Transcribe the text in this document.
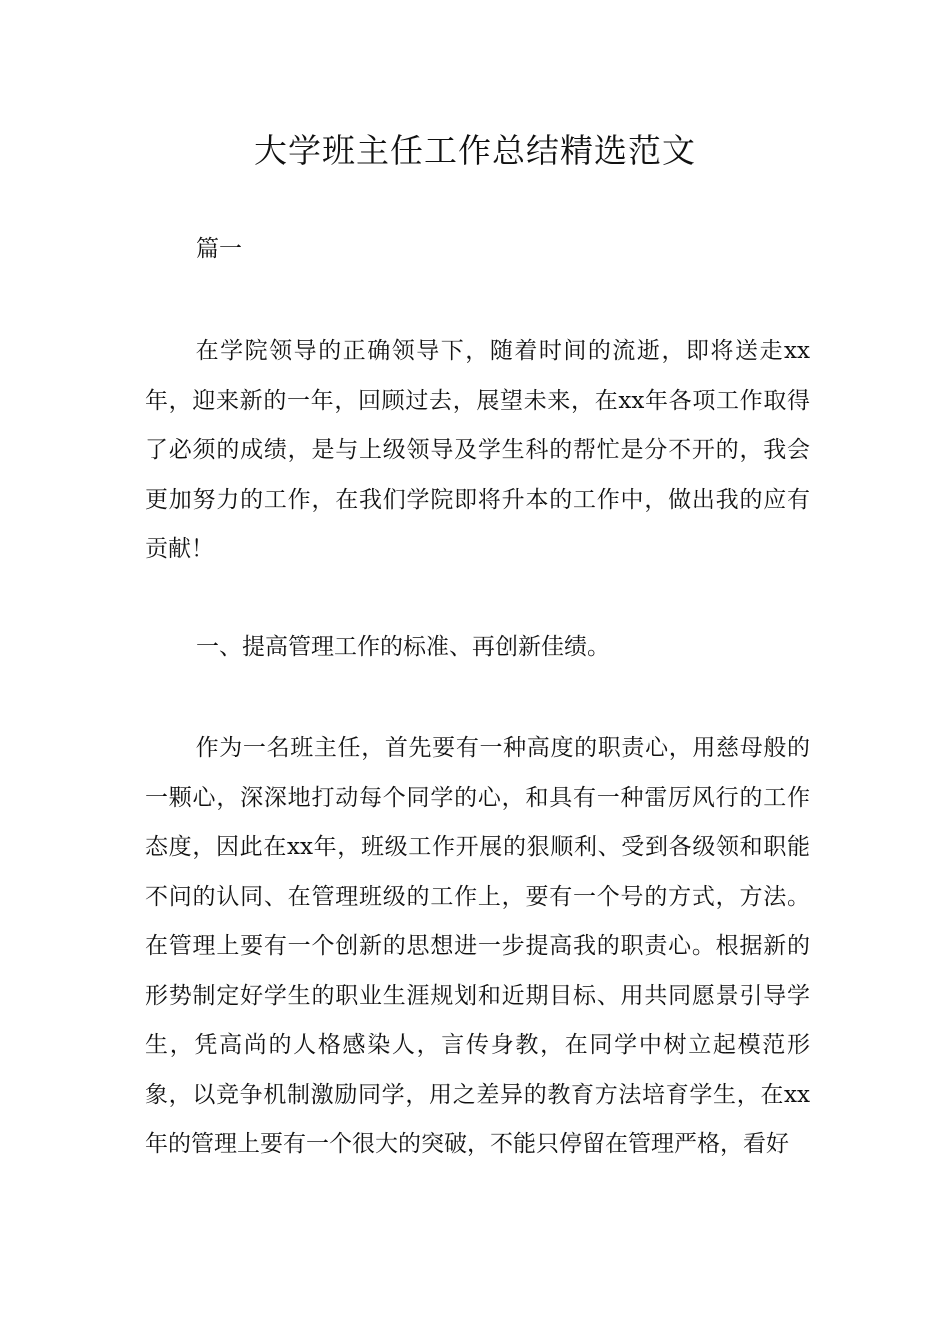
大学班主任工作总结精选范文

篇一

在学院领导的正确领导下，随着时间的流逝，即将送走xx年，迎来新的一年，回顾过去，展望未来，在xx年各项工作取得了必须的成绩，是与上级领导及学生科的帮忙是分不开的，我会更加努力的工作，在我们学院即将升本的工作中，做出我的应有贡献！

一、提高管理工作的标准、再创新佳绩。

作为一名班主任，首先要有一种高度的职责心，用慈母般的一颗心，深深地打动每个同学的心，和具有一种雷厉风行的工作态度，因此在xx年，班级工作开展的狠顺利、受到各级领和职能不问的认同、在管理班级的工作上，要有一个号的方式，方法。在管理上要有一个创新的思想进一步提高我的职责心。根据新的形势制定好学生的职业生涯规划和近期目标、用共同愿景引导学生，凭高尚的人格感染人，言传身教，在同学中树立起模范形象，以竞争机制激励同学，用之差异的教育方法培育学生，在xx年的管理上要有一个很大的突破，不能只停留在管理严格，看好
